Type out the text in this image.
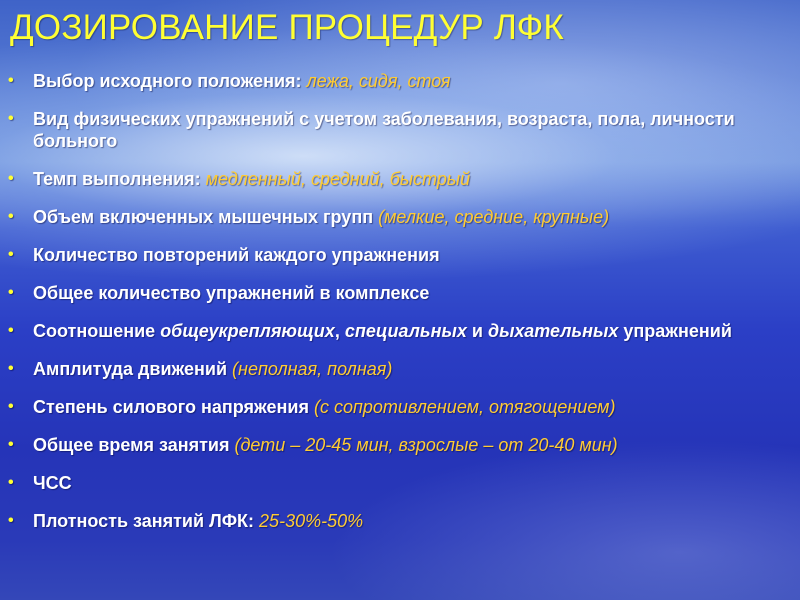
ДОЗИРОВАНИЕ ПРОЦЕДУР ЛФК
•	Выбор исходного положения: лежа, сидя, стоя
•	Вид физических упражнений с учетом заболевания, возраста, пола, личности больного
•	Темп выполнения: медленный, средний, быстрый
•	Объем включенных мышечных групп (мелкие, средние, крупные)
•	Количество повторений каждого упражнения
•	Общее количество упражнений в комплексе
•	Соотношение общеукрепляющих, специальных и дыхательных упражнений
•	Амплитуда движений (неполная, полная)
•	Степень силового напряжения (с сопротивлением, отягощением)
•	Общее время занятия (дети – 20-45 мин, взрослые – от 20-40 мин)
•	ЧСС
•	Плотность занятий ЛФК: 25-30%-50%
